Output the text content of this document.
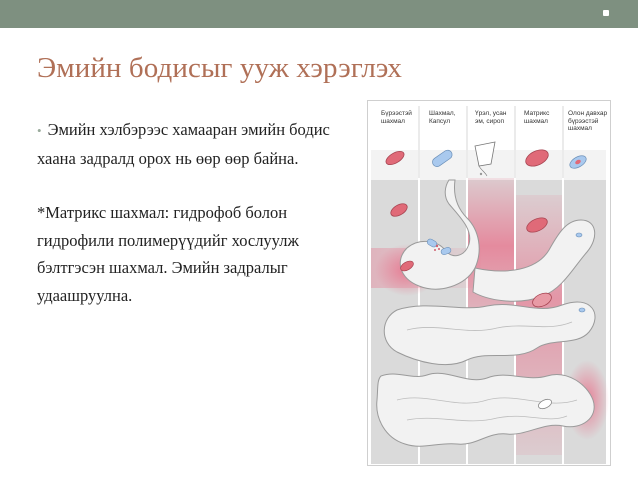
Эмийн бодисыг ууж хэрэглэх

• Эмийн хэлбэрээс хамааран эмийн бодис хаана задралд орох нь өөр өөр байна.

*Матрикс шахмал: гидрофоб болон гидрофили полимерүүдийг хослуулж бэлтгэсэн шахмал. Эмийн задралыг удаашруулна.

Бүрээстэй
шахмал
Шахмал,
Капсул
Үрэл, усан
эм, сироп
Матрикс
шахмал
Олон давхар
бүрээстэй
шахмал
